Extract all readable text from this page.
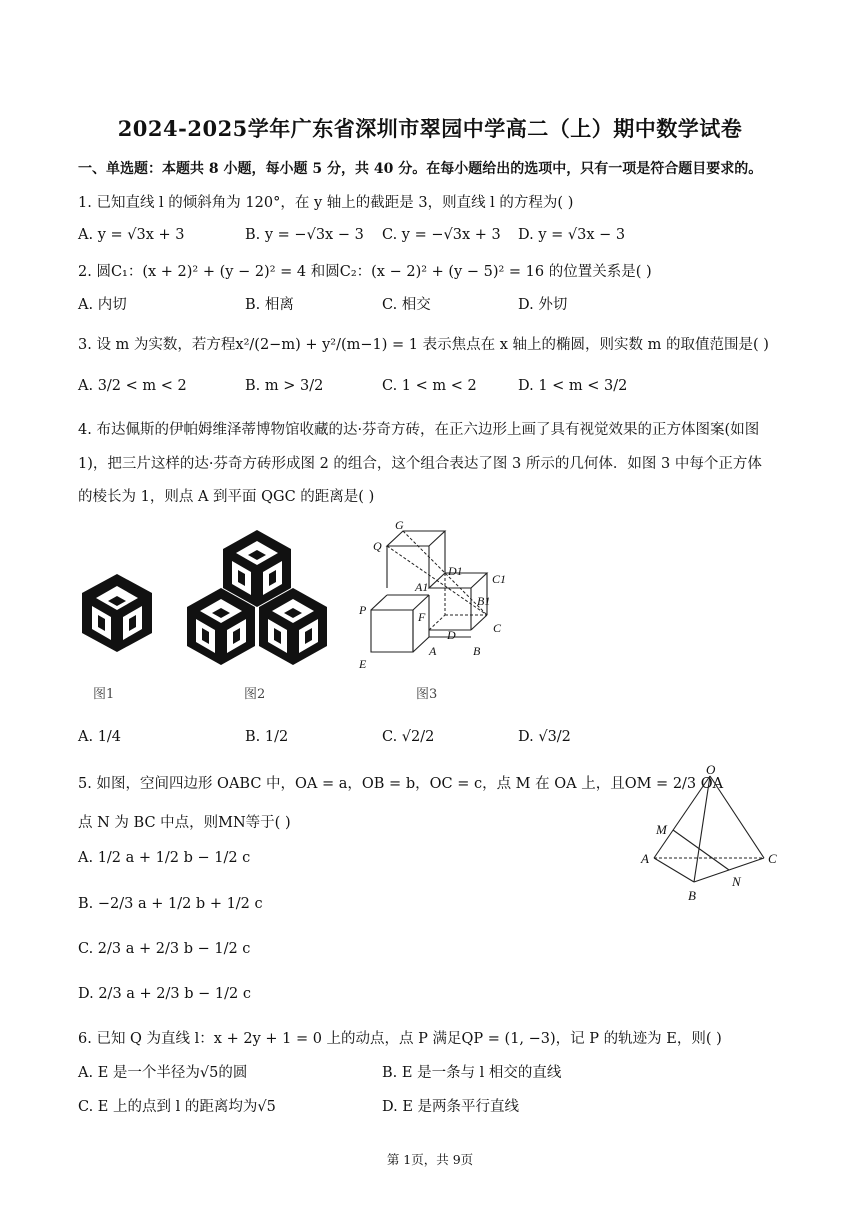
2024-2025学年广东省深圳市翠园中学高二（上）期中数学试卷
一、单选题：本题共 8 小题，每小题 5 分，共 40 分。在每小题给出的选项中，只有一项是符合题目要求的。
1. 已知直线 l 的倾斜角为 120°，在 y 轴上的截距是 3，则直线 l 的方程为( )
A. y = √3x + 3	B. y = −√3x − 3 C. y = −√3x + 3 D. y = √3x − 3
2. 圆C₁：(x + 2)² + (y − 2)² = 4 和圆C₂：(x − 2)² + (y − 5)² = 16 的位置关系是( )
A. 内切	B. 相离	C. 相交	D. 外切
3. 设 m 为实数，若方程x²/(2−m) + y²/(m−1) = 1 表示焦点在 x 轴上的椭圆，则实数 m 的取值范围是( )
A. 3/2 < m < 2	B. m > 3/2	C. 1 < m < 2	D. 1 < m < 3/2
4. 布达佩斯的伊帕姆维泽蒂博物馆收藏的达·芬奇方砖，在正六边形上画了具有视觉效果的正方体图案(如图
1)，把三片这样的达·芬奇方砖形成图 2 的组合，这个组合表达了图 3 所示的几何体．如图 3 中每个正方体
的棱长为 1，则点 A 到平面 QGC 的距离是( )
G
Q
D1
C1
A1
B1
P	F
D	C
E
A	B
图1	图2	图3
A. 1/4	B. 1/2	C. √2/2	D. √3/2
5. 如图，空间四边形 OABC 中，OA = a，OB = b，OC = c，点 M 在 OA 上，且OM = 2/3 OA
点 N 为 BC 中点，则MN等于( )
O
M
A	C
N
B
A. 1/2 a + 1/2 b − 1/2 c
B. −2/3 a + 1/2 b + 1/2 c
C. 2/3 a + 2/3 b − 1/2 c
D. 2/3 a + 2/3 b − 1/2 c
6. 已知 Q 为直线 l：x + 2y + 1 = 0 上的动点，点 P 满足QP = (1, −3)，记 P 的轨迹为 E，则( )
A. E 是一个半径为√5的圆	B. E 是一条与 l 相交的直线
C. E 上的点到 l 的距离均为√5	D. E 是两条平行直线
第 1页，共 9页
